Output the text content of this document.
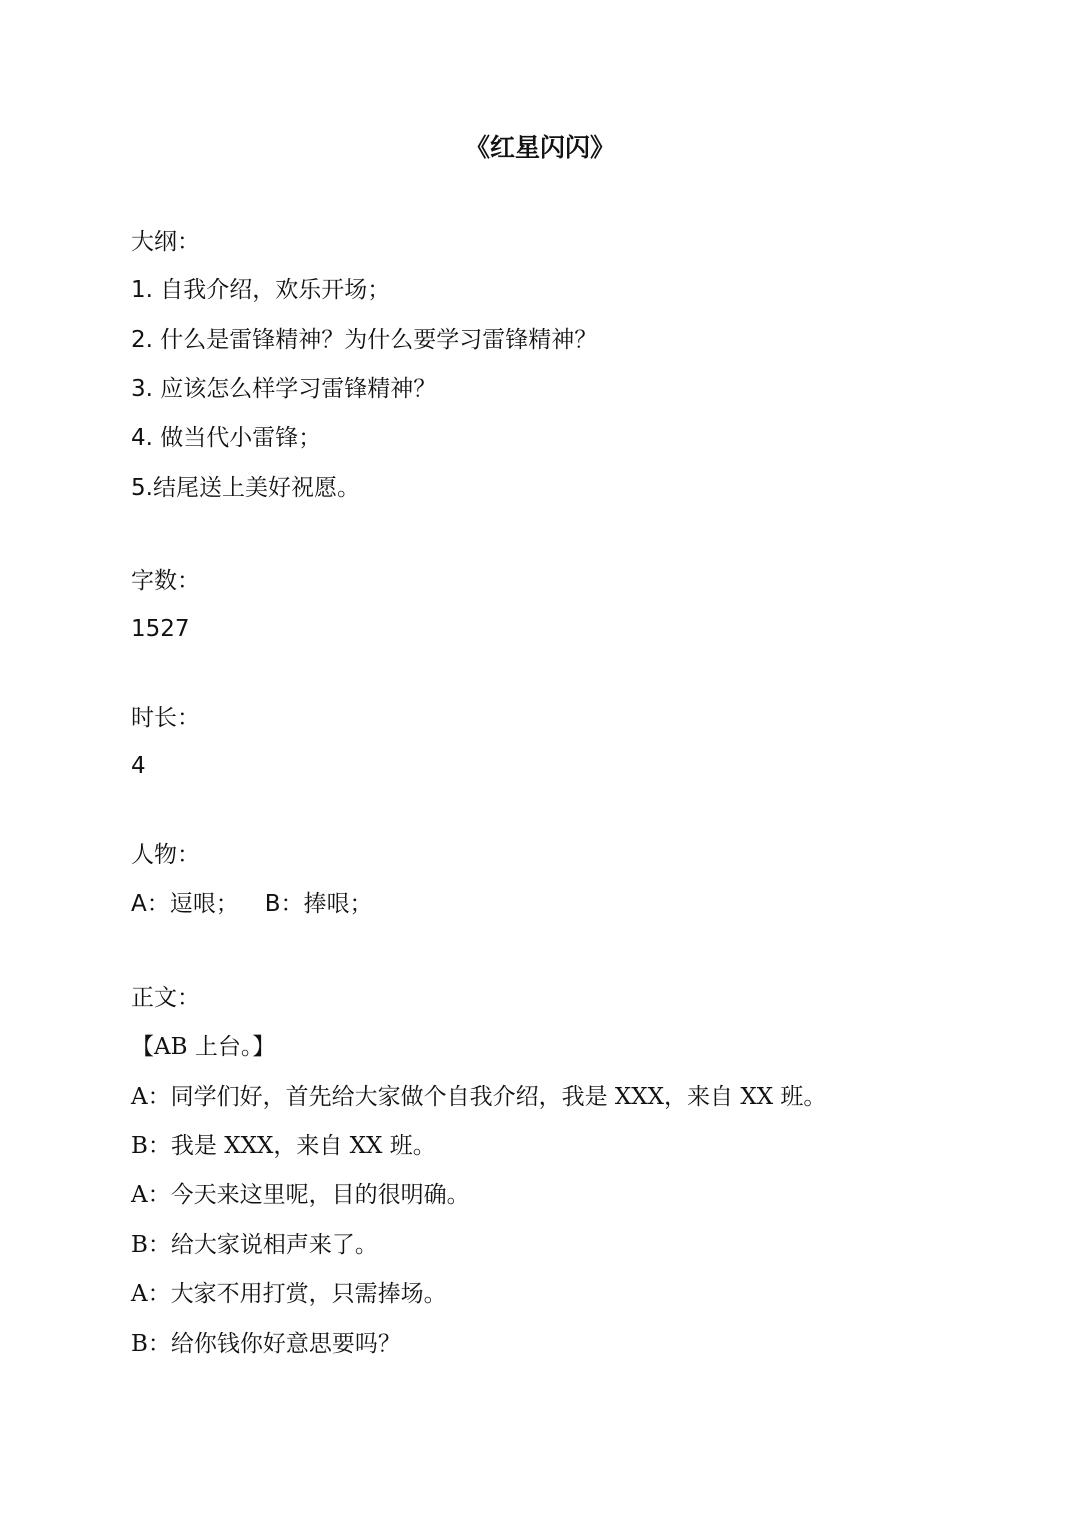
《红星闪闪》
大纲：
1. 自我介绍，欢乐开场；
2. 什么是雷锋精神？为什么要学习雷锋精神？
3. 应该怎么样学习雷锋精神？
4. 做当代小雷锋；
5.结尾送上美好祝愿。
字数：
1527
时长：
4
人物：
A：逗哏； B：捧哏；
正文：
【AB 上台。】
A：同学们好，首先给大家做个自我介绍，我是 XXX，来自 XX 班。
B：我是 XXX，来自 XX 班。
A：今天来这里呢，目的很明确。
B：给大家说相声来了。
A：大家不用打赏，只需捧场。
B：给你钱你好意思要吗？
